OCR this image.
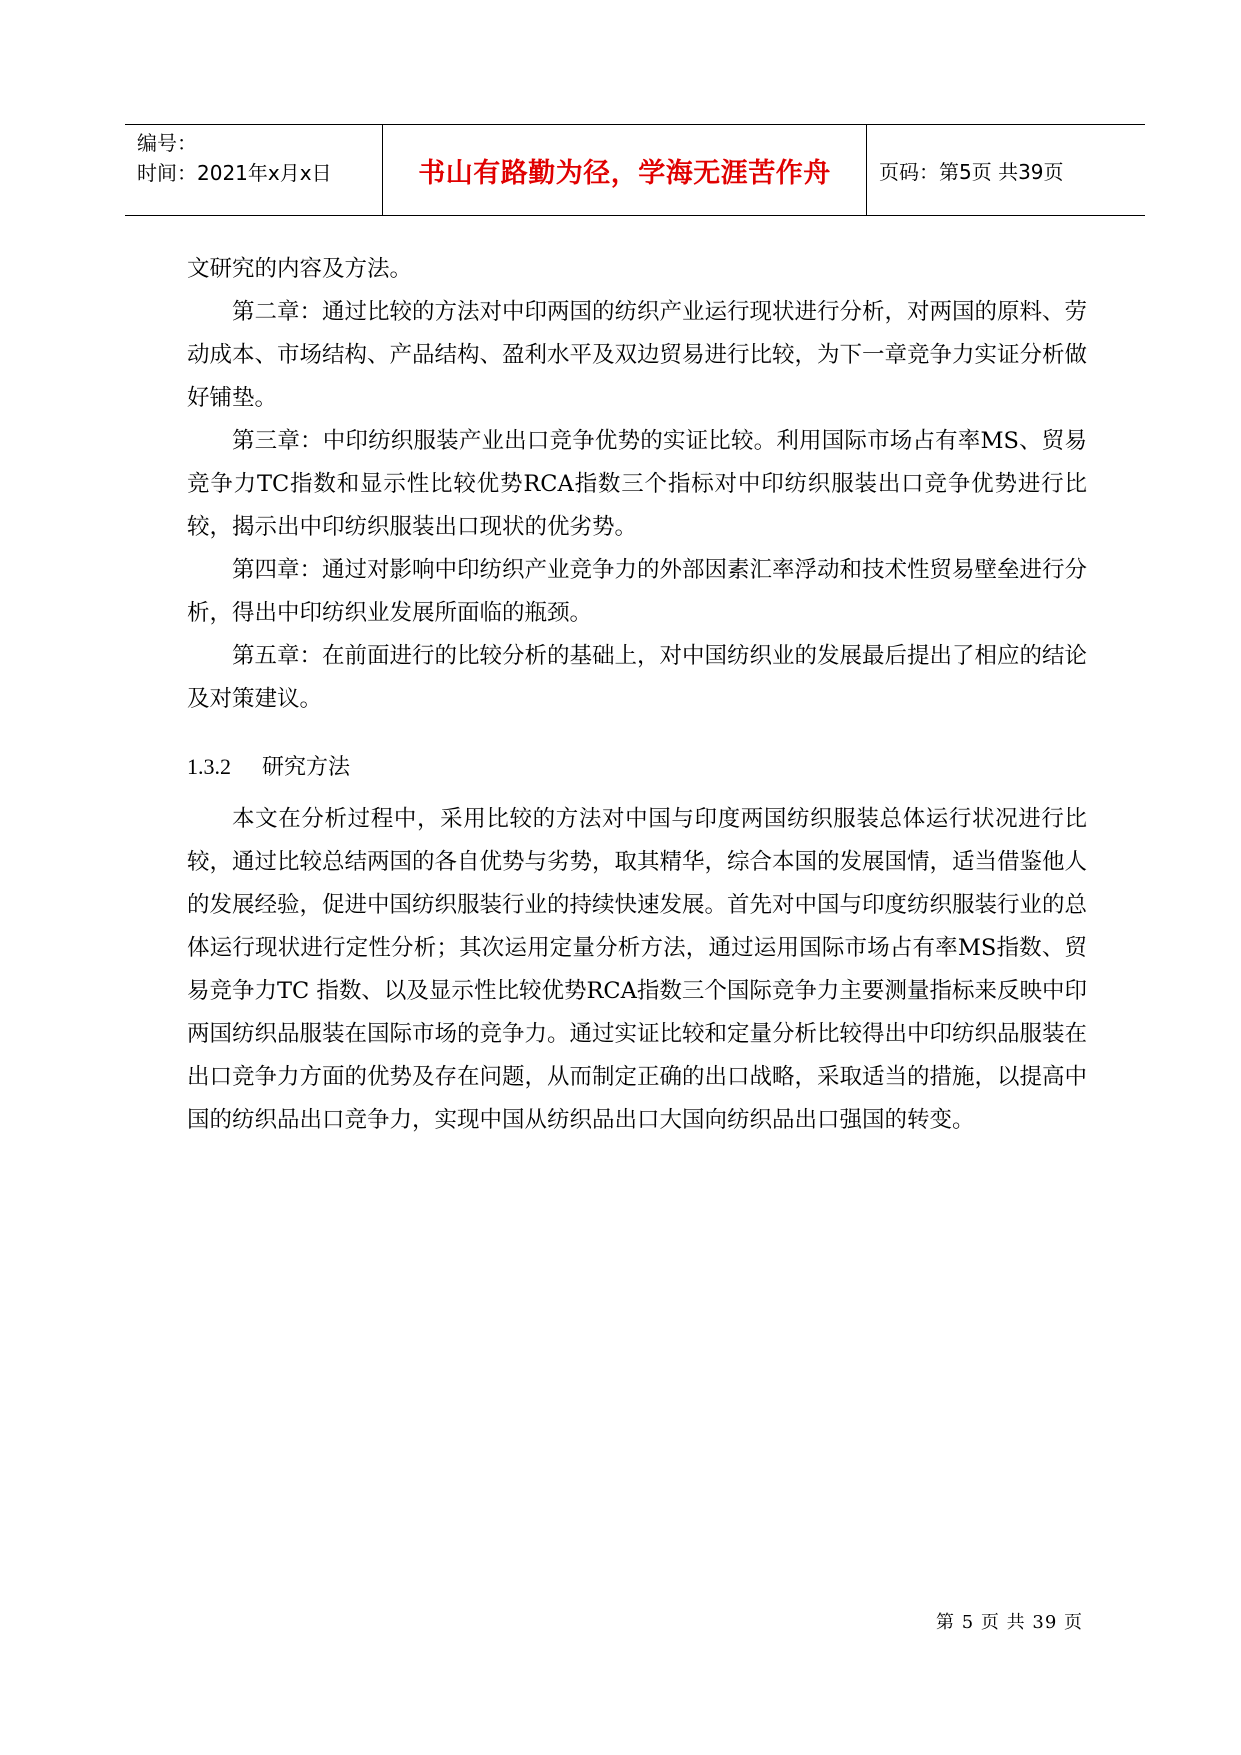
编号：
时间：2021年x月x日	书山有路勤为径，学海无涯苦作舟 页码：第5页 共39页

文研究的内容及方法。

第二章：通过比较的方法对中印两国的纺织产业运行现状进行分析，对两国的原料、劳动成本、市场结构、产品结构、盈利水平及双边贸易进行比较，为下一章竞争力实证分析做好铺垫。

第三章：中印纺织服装产业出口竞争优势的实证比较。利用国际市场占有率MS、贸易竞争力TC指数和显示性比较优势RCA指数三个指标对中印纺织服装出口竞争优势进行比较，揭示出中印纺织服装出口现状的优劣势。

第四章：通过对影响中印纺织产业竞争力的外部因素汇率浮动和技术性贸易壁垒进行分析，得出中印纺织业发展所面临的瓶颈。

第五章：在前面进行的比较分析的基础上，对中国纺织业的发展最后提出了相应的结论及对策建议。

1.3.2 研究方法

本文在分析过程中，采用比较的方法对中国与印度两国纺织服装总体运行状况进行比较，通过比较总结两国的各自优势与劣势，取其精华，综合本国的发展国情，适当借鉴他人的发展经验，促进中国纺织服装行业的持续快速发展。首先对中国与印度纺织服装行业的总体运行现状进行定性分析；其次运用定量分析方法，通过运用国际市场占有率MS指数、贸易竞争力TC 指数、以及显示性比较优势RCA指数三个国际竞争力主要测量指标来反映中印两国纺织品服装在国际市场的竞争力。通过实证比较和定量分析比较得出中印纺织品服装在出口竞争力方面的优势及存在问题，从而制定正确的出口战略，采取适当的措施，以提高中国的纺织品出口竞争力，实现中国从纺织品出口大国向纺织品出口强国的转变。

第 5 页 共 39 页
